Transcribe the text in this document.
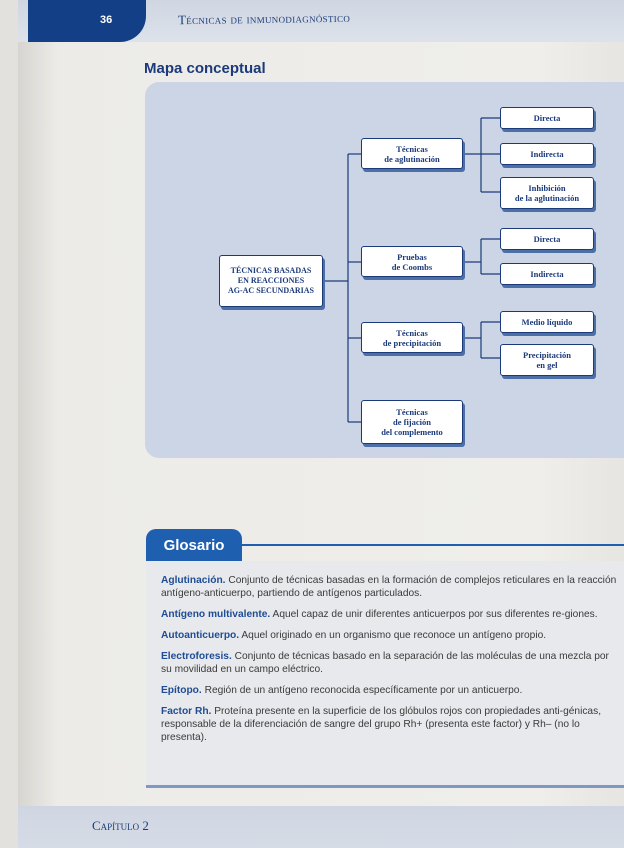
36	Técnicas de inmunodiagnóstico
Mapa conceptual
TÉCNICAS BASADAS
EN REACCIONES
AG-AC SECUNDARIAS
Técnicas
de aglutinación
Pruebas
de Coombs
Técnicas
de precipitación
Técnicas
de fijación
del complemento
Directa
Indirecta
Inhibición
de la aglutinación
Directa
Indirecta
Medio líquido
Precipitación
en gel
Glosario

Aglutinación. Conjunto de técnicas basadas en la formación de complejos reticulares en la reacción antígeno-anticuerpo, partiendo de antígenos particulados.

Antígeno multivalente. Aquel capaz de unir diferentes anticuerpos por sus diferentes re-giones.

Autoanticuerpo. Aquel originado en un organismo que reconoce un antígeno propio.

Electroforesis. Conjunto de técnicas basado en la separación de las moléculas de una mezcla por su movilidad en un campo eléctrico.

Epítopo. Región de un antígeno reconocida específicamente por un anticuerpo.

Factor Rh. Proteína presente en la superficie de los glóbulos rojos con propiedades anti-génicas, responsable de la diferenciación de sangre del grupo Rh+ (presenta este factor) y Rh– (no lo presenta).

Capítulo 2
